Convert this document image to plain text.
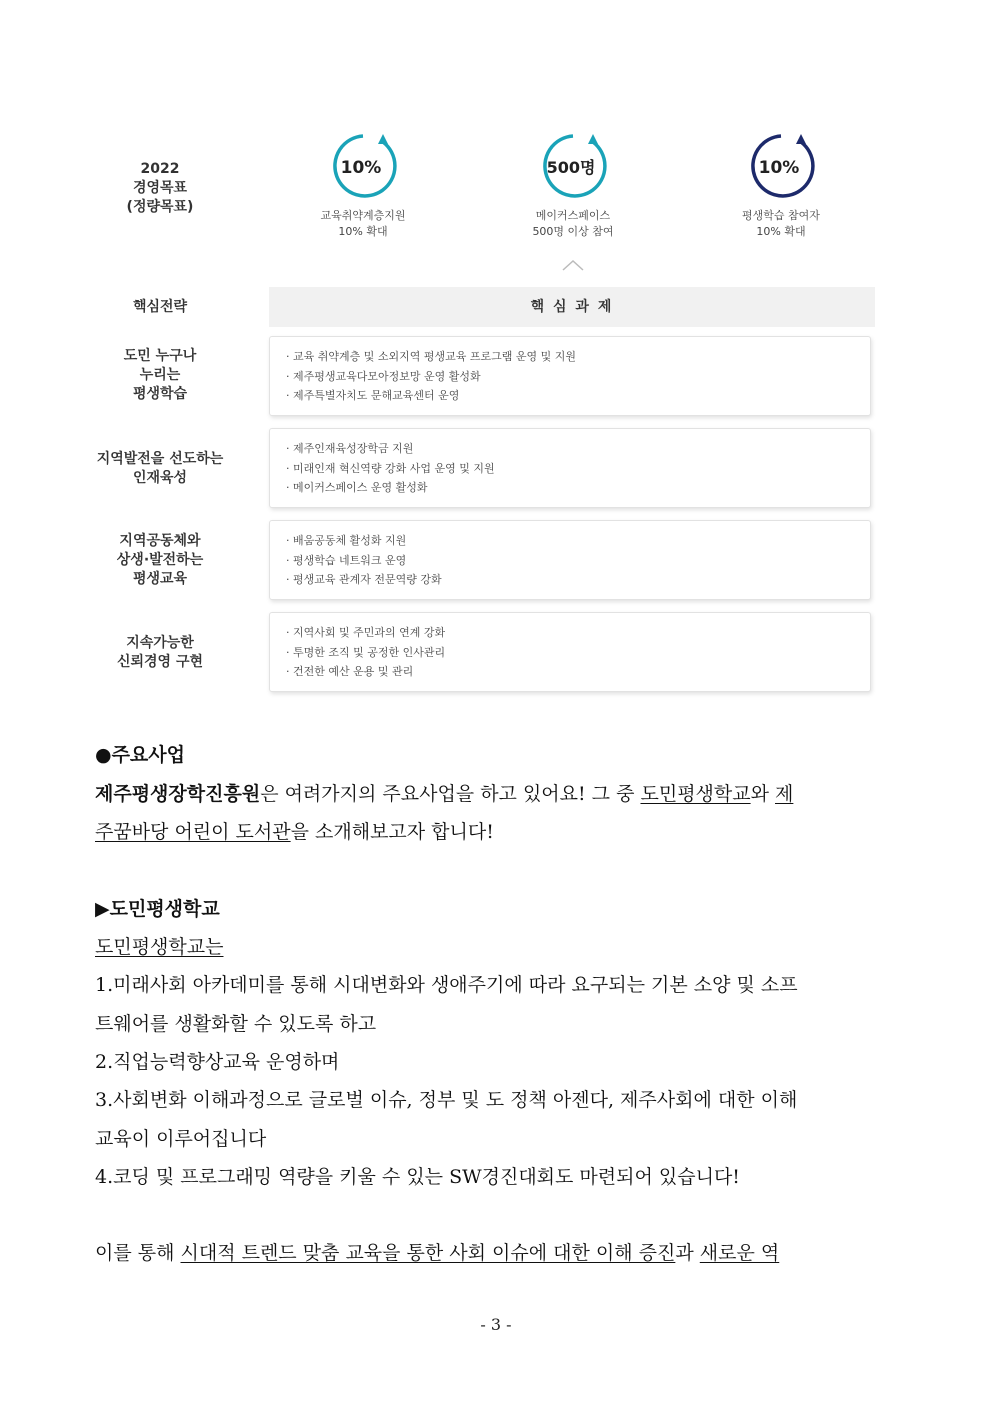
2022
경영목표
(정량목표)
10%
교육취약계층지원
10% 확대
500명
메이커스페이스
500명 이상 참여
10%
평생학습 참여자
10% 확대
핵심전략	핵 심 과 제
도민 누구나
누리는
평생학습
· 교육 취약계층 및 소외지역 평생교육 프로그램 운영 및 지원
· 제주평생교육다모아정보망 운영 활성화
· 제주특별자치도 문해교육센터 운영
지역발전을 선도하는
인재육성
· 제주인재육성장학금 지원
· 미래인재 혁신역량 강화 사업 운영 및 지원
· 메이커스페이스 운영 활성화
지역공동체와
상생·발전하는
평생교육
· 배움공동체 활성화 지원
· 평생학습 네트워크 운영
· 평생교육 관계자 전문역량 강화
지속가능한
신뢰경영 구현
· 지역사회 및 주민과의 연계 강화
· 투명한 조직 및 공정한 인사관리
· 건전한 예산 운용 및 관리
●주요사업
제주평생장학진흥원은 여려가지의 주요사업을 하고 있어요! 그 중 도민평생학교와 제
주꿈바당 어린이 도서관을 소개해보고자 합니다!
▶도민평생학교
도민평생학교는
1.미래사회 아카데미를 통해 시대변화와 생애주기에 따라 요구되는 기본 소양 및 소프
트웨어를 생활화할 수 있도록 하고
2.직업능력향상교육 운영하며
3.사회변화 이해과정으로 글로벌 이슈, 정부 및 도 정책 아젠다, 제주사회에 대한 이해
교육이 이루어집니다
4.코딩 및 프로그래밍 역량을 키울 수 있는 SW경진대회도 마련되어 있습니다!
이를 통해 시대적 트렌드 맞춤 교육을 통한 사회 이슈에 대한 이해 증진과 새로운 역
- 3 -
